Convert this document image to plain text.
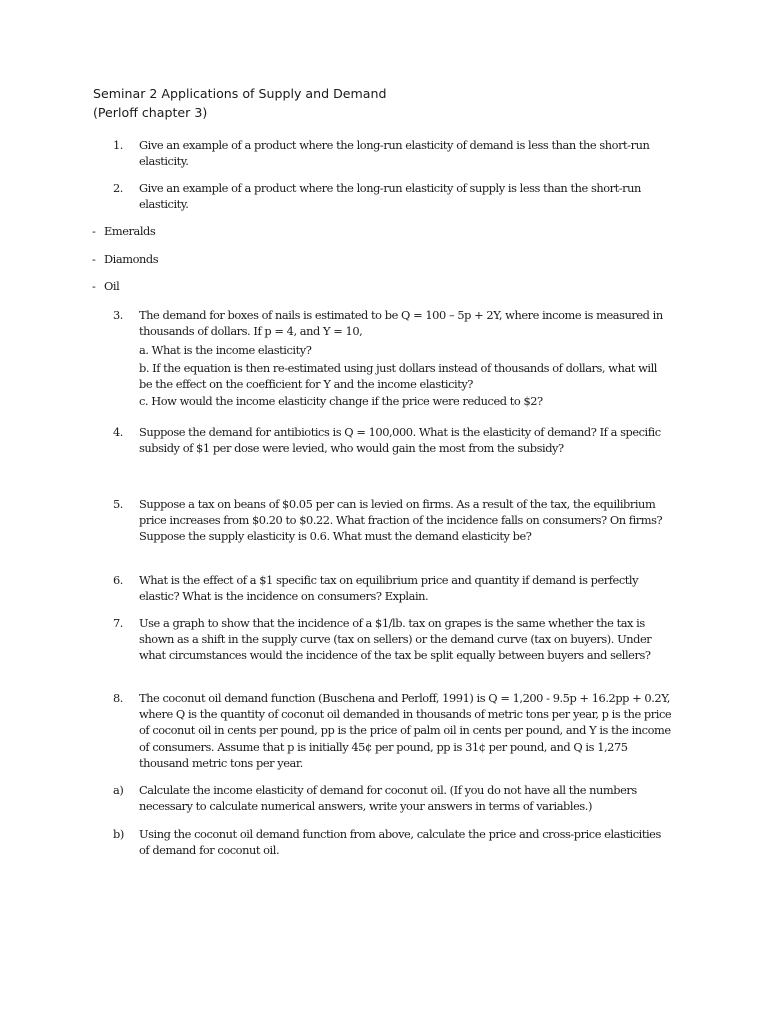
Seminar 2 Applications of Supply and Demand
(Perloff chapter 3)
1. Give an example of a product where the long-run elasticity of demand is less than the short-run elasticity.
2. Give an example of a product where the long-run elasticity of supply is less than the short-run elasticity.
- Emeralds
- Diamonds
- Oil
3. The demand for boxes of nails is estimated to be Q = 100 – 5p + 2Y, where income is measured in thousands of dollars. If p = 4, and Y = 10,
a. What is the income elasticity?
b. If the equation is then re-estimated using just dollars instead of thousands of dollars, what will be the effect on the coefficient for Y and the income elasticity?
c. How would the income elasticity change if the price were reduced to $2?
4. Suppose the demand for antibiotics is Q = 100,000. What is the elasticity of demand? If a specific subsidy of $1 per dose were levied, who would gain the most from the subsidy?
5. Suppose a tax on beans of $0.05 per can is levied on firms. As a result of the tax, the equilibrium price increases from $0.20 to $0.22. What fraction of the incidence falls on consumers? On firms? Suppose the supply elasticity is 0.6. What must the demand elasticity be?
6. What is the effect of a $1 specific tax on equilibrium price and quantity if demand is perfectly elastic? What is the incidence on consumers? Explain.
7. Use a graph to show that the incidence of a $1/lb. tax on grapes is the same whether the tax is shown as a shift in the supply curve (tax on sellers) or the demand curve (tax on buyers). Under what circumstances would the incidence of the tax be split equally between buyers and sellers?
8. The coconut oil demand function (Buschena and Perloff, 1991) is Q = 1,200 - 9.5p + 16.2pp + 0.2Y, where Q is the quantity of coconut oil demanded in thousands of metric tons per year, p is the price of coconut oil in cents per pound, pp is the price of palm oil in cents per pound, and Y is the income of consumers. Assume that p is initially 45¢ per pound, pp is 31¢ per pound, and Q is 1,275 thousand metric tons per year.
a) Calculate the income elasticity of demand for coconut oil. (If you do not have all the numbers necessary to calculate numerical answers, write your answers in terms of variables.)
b) Using the coconut oil demand function from above, calculate the price and cross-price elasticities of demand for coconut oil.
